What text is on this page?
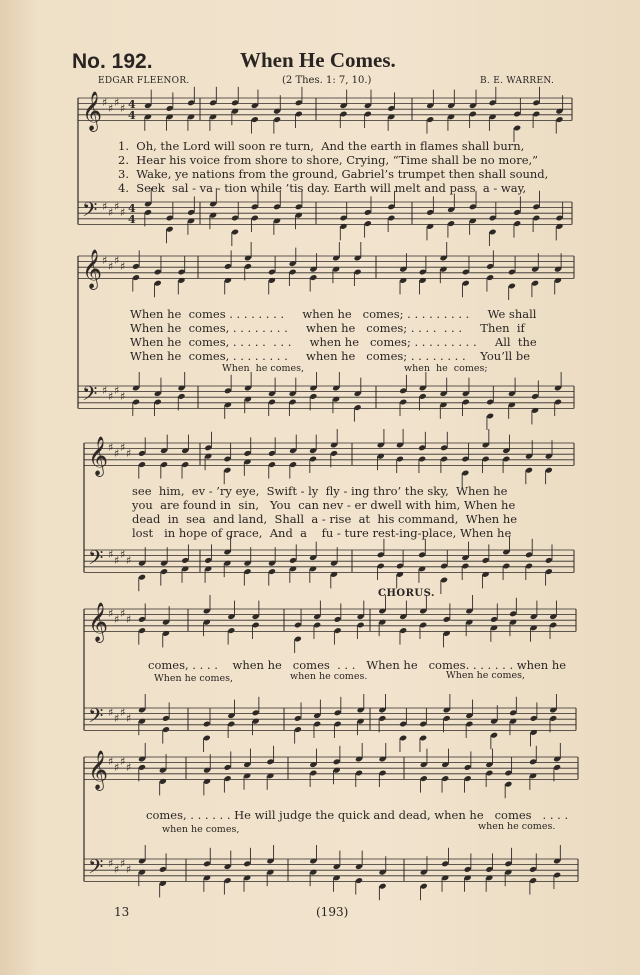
𝄞 ♯ ♯ ♯ ♯ 4
4
𝄢 ♯ ♯ ♯ ♯ 4
4
𝄞 ♯ ♯ ♯ ♯
𝄢 ♯ ♯ ♯ ♯
𝄞 ♯ ♯ ♯ ♯
𝄢 ♯ ♯ ♯ ♯
𝄞 ♯ ♯ ♯ ♯
𝄢 ♯ ♯ ♯ ♯
𝄞 ♯ ♯ ♯ ♯
𝄢 ♯ ♯ ♯ ♯
No. 192.	When He Comes.
EDGAR FLEENOR.	(2 Thes. 1: 7, 10.)	B. E. WARREN.
1.  Oh, the Lord will soon re turn,  And the earth in flames shall burn,
2.  Hear his voice from shore to shore, Crying, “Time shall be no more,”
3.  Wake, ye nations from the ground, Gabriel’s trumpet then shall sound,
4.  Seek  sal - va - tion while ’tis day. Earth will melt and pass  a - way,
When he  comes . . . . . . . .     when he   comes; . . . . . . . . .     We shall
When he  comes, . . . . . . . .     when he   comes; . . . .  . . .     Then  if
When he  comes, . . . . .  . . .     when he   comes; . . . . . . . . .     All  the
When he  comes, . . . . . . . .     when he   comes; . . . . . . . .    You’ll be
When  he comes,	when  he  comes;
see  him,  ev - ’ry eye,  Swift - ly  fly - ing thro’ the sky,  When he
you  are found in  sin,   You  can nev - er dwell with him, When he
dead  in  sea  and land,  Shall  a - rise  at  his command,  When he
lost   in hope of grace,  And  a    fu - ture rest-ing-place, When he
CHORUS.
comes, . . . .    when he   comes  . . .   When he   comes. . . . . . . when he
When he comes,	when he comes.	When he comes,
comes, . . . . . . He will judge the quick and dead, when he   comes   . . . .
when he comes,	when he comes.
13	(193)
